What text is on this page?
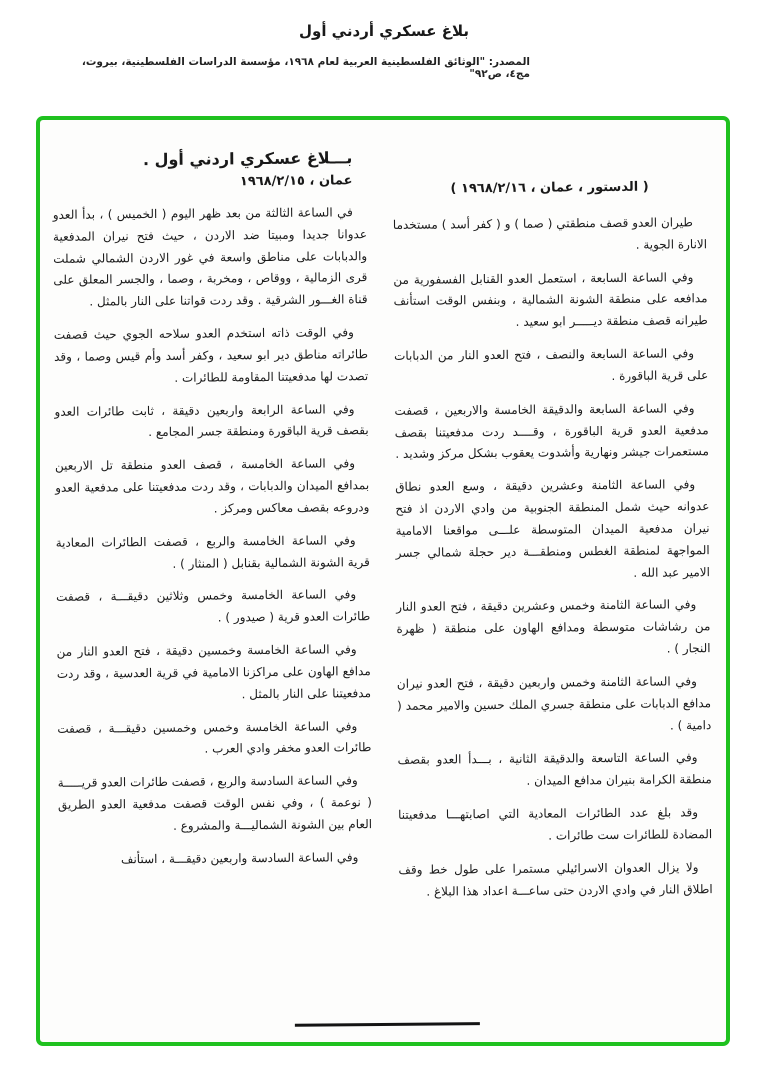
بلاغ عسكري أردني أول
المصدر: "الوثائق الفلسطينية العربية لعام ١٩٦٨، مؤسسة الدراسات الفلسطينية، بيروت، مج٤، ص٩٢"
بـــلاغ عسكري اردني أول .
عمان ، ١٩٦٨/٢/١٥

في الساعة الثالثة من بعد ظهر اليوم ( الخميس ) ، بدأ العدو عدوانا جديدا ومبيتا ضد الاردن ، حيث فتح نيران المدفعية والدبابات على مناطق واسعة في غور الاردن الشمالي شملت قرى الزمالية ، ووقاص ، ومخربة ، وصما ، والجسر المعلق على قناة الغـــور الشرقية . وقد ردت قواتنا على النار بالمثل .

وفي الوقت ذاته استخدم العدو سلاحه الجوي حيث قصفت طائراته مناطق دير ابو سعيد ، وكفر أسد وأم قيس وصما ، وقد تصدت لها مدفعيتنا المقاومة للطائرات .

وفي الساعة الرابعة واربعين دقيقة ، ثابت طائرات العدو بقصف قرية الباقورة ومنطقة جسر المجامع .

وفي الساعة الخامسة ، قصف العدو منطقة تل الاربعين بمدافع الميدان والدبابات ، وقد ردت مدفعيتنا على مدفعية العدو ودروعه بقصف معاكس ومركز .

وفي الساعة الخامسة والربع ، قصفت الطائرات المعادية قرية الشونة الشمالية بقنابل ( المنثار ) .

وفي الساعة الخامسة وخمس وثلاثين دقيقـــة ، قصفت طائرات العدو قرية ( صيدور ) .

وفي الساعة الخامسة وخمسين دقيقة ، فتح العدو النار من مدافع الهاون على مراكزنا الامامية في قرية العدسية ، وقد ردت مدفعيتنا على النار بالمثل .

وفي الساعة الخامسة وخمس وخمسين دقيقـــة ، قصفت طائرات العدو مخفر وادي العرب .

وفي الساعة السادسة والربع ، قصفت طائرات العدو قريـــــة ( نوعمة ) ، وفي نفس الوقت قصفت مدفعية العدو الطريق العام بين الشونة الشماليـــة والمشروع .

وفي الساعة السادسة واربعين دقيقـــة ، استأنف

( الدستور ، عمان ، ١٩٦٨/٢/١٦ )

طيران العدو قصف منطقتي ( صما ) و ( كفر أسد ) مستخدما الانارة الجوية .

وفي الساعة السابعة ، استعمل العدو القنابل الفسفورية من مدافعه على منطقة الشونة الشمالية ، وبنفس الوقت استأنف طيرانه قصف منطقة ديـــــر ابو سعيد .

وفي الساعة السابعة والنصف ، فتح العدو النار من الدبابات على قرية الباقورة .

وفي الساعة السابعة والدقيقة الخامسة والاربعين ، قصفت مدفعية العدو قرية الباقورة ، وقــــد ردت مدفعيتنا بقصف مستعمرات جيشر ونهارية وأشدوت يعقوب بشكل مركز وشديد .

وفي الساعة الثامنة وعشرين دقيقة ، وسع العدو نطاق عدوانه حيث شمل المنطقة الجنوبية من وادي الاردن اذ فتح نيران مدفعية الميدان المتوسطة علـــى مواقعنا الامامية المواجهة لمنطقة الغطس ومنطقـــة دير حجلة شمالي جسر الامير عبد الله .

وفي الساعة الثامنة وخمس وعشرين دقيقة ، فتح العدو النار من رشاشات متوسطة ومدافع الهاون على منطقة ( ظهرة النجار ) .

وفي الساعة الثامنة وخمس واربعين دقيقة ، فتح العدو نيران مدافع الدبابات على منطقة جسري الملك حسين والامير محمد ( دامية ) .

وفي الساعة التاسعة والدقيقة الثانية ، بـــدأ العدو بقصف منطقة الكرامة بنيران مدافع الميدان .

وقد بلغ عدد الطائرات المعادية التي اصابتهـــا مدفعيتنا المضادة للطائرات ست طائرات .

ولا يزال العدوان الاسرائيلي مستمرا على طول خط وقف اطلاق النار في وادي الاردن حتى ساعـــة اعداد هذا البلاغ .
